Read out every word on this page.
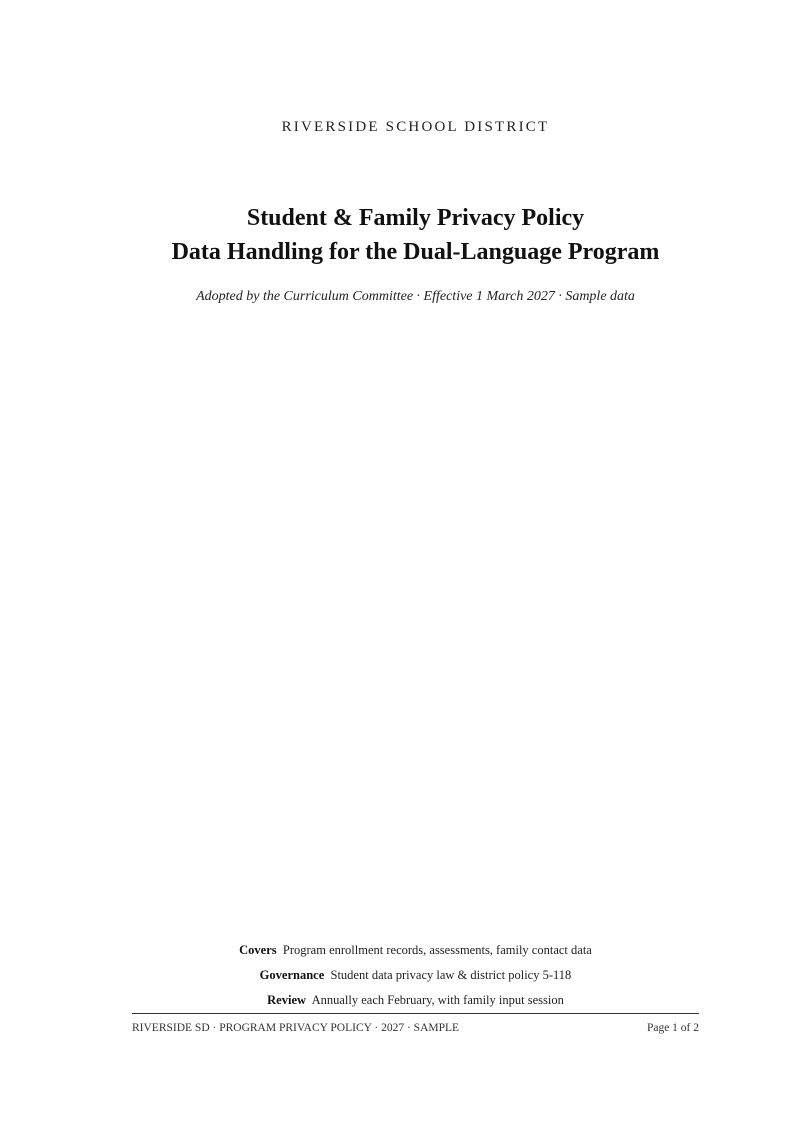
RIVERSIDE SCHOOL DISTRICT
Student & Family Privacy Policy
Data Handling for the Dual-Language Program
Adopted by the Curriculum Committee · Effective 1 March 2027 · Sample data
Covers Program enrollment records, assessments, family contact data
Governance Student data privacy law & district policy 5-118
Review Annually each February, with family input session
RIVERSIDE SD · PROGRAM PRIVACY POLICY · 2027 · SAMPLE	Page 1 of 2
